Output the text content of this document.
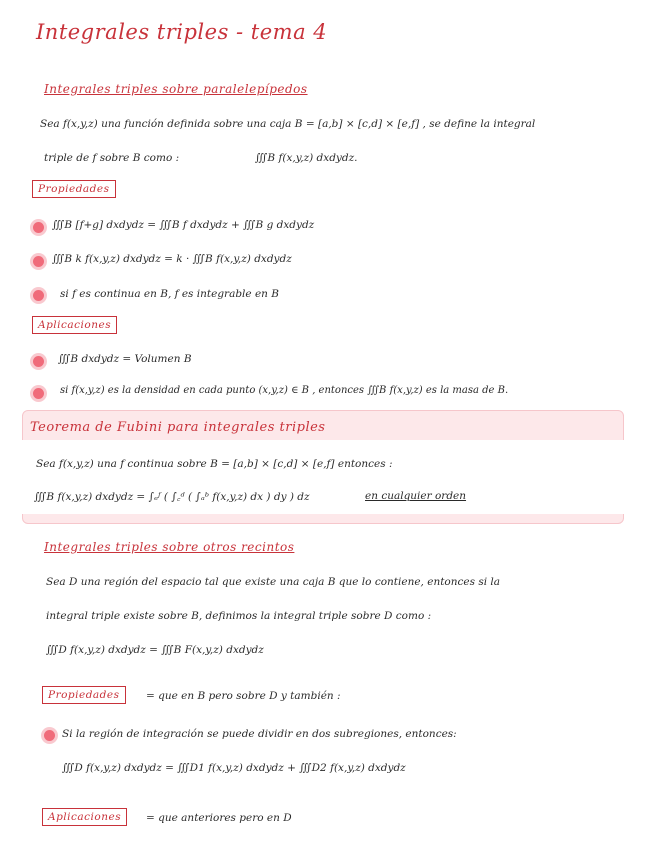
Integrales triples - tema 4
Integrales triples sobre paralelepípedos
Sea f(x,y,z) una función definida sobre una caja B = [a,b] × [c,d] × [e,f] , se define la integral
triple de f sobre B como :	∭B f(x,y,z) dxdydz.
Propiedades
∭B [f+g] dxdydz = ∭B f dxdydz + ∭B g dxdydz
∭B k f(x,y,z) dxdydz = k · ∭B f(x,y,z) dxdydz
si f es continua en B, f es integrable en B
Aplicaciones
∭B dxdydz = Volumen B
si f(x,y,z) es la densidad en cada punto (x,y,z) ∈ B , entonces ∭B f(x,y,z) es la masa de B.
Teorema de Fubini para integrales triples
Sea f(x,y,z) una f continua sobre B = [a,b] × [c,d] × [e,f] entonces :
∭B f(x,y,z) dxdydz = ∫ₑᶠ ( ∫꜀ᵈ ( ∫ₐᵇ f(x,y,z) dx ) dy ) dz	en cualquier orden
Integrales triples sobre otros recintos
Sea D una región del espacio tal que existe una caja B que lo contiene, entonces si la
integral triple existe sobre B, definimos la integral triple sobre D como :
∭D f(x,y,z) dxdydz = ∭B F(x,y,z) dxdydz
Propiedades	= que en B pero sobre D y también :
Si la región de integración se puede dividir en dos subregiones, entonces:
∭D f(x,y,z) dxdydz = ∭D1 f(x,y,z) dxdydz + ∭D2 f(x,y,z) dxdydz
Aplicaciones	= que anteriores pero en D
